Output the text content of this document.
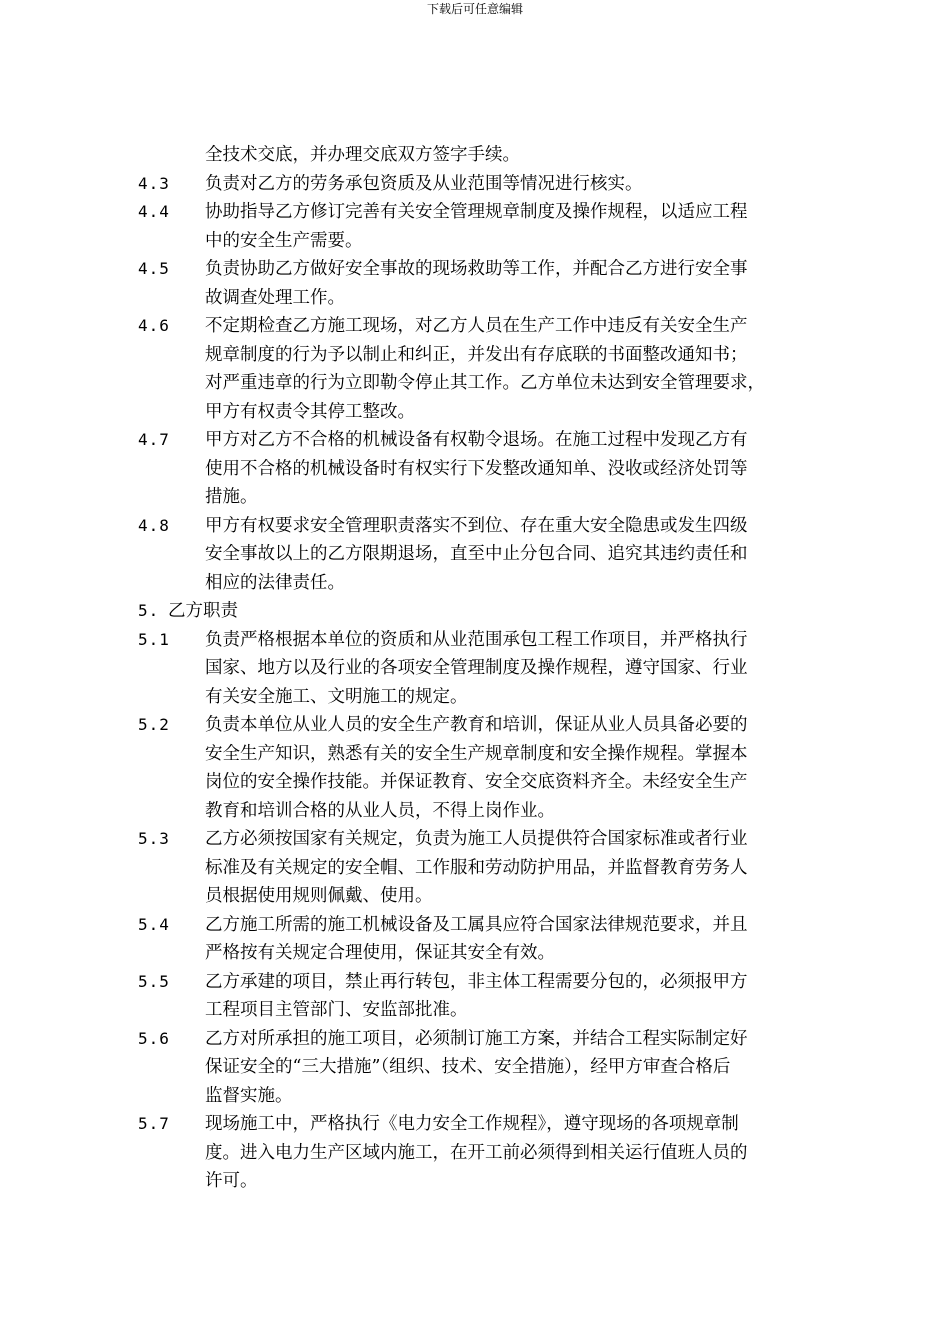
下载后可任意编辑
全技术交底，并办理交底双方签字手续。
4.3 负责对乙方的劳务承包资质及从业范围等情况进行核实。
4.4 协助指导乙方修订完善有关安全管理规章制度及操作规程，以适应工程
中的安全生产需要。
4.5 负责协助乙方做好安全事故的现场救助等工作，并配合乙方进行安全事
故调查处理工作。
4.6 不定期检查乙方施工现场，对乙方人员在生产工作中违反有关安全生产
规章制度的行为予以制止和纠正，并发出有存底联的书面整改通知书；
对严重违章的行为立即勒令停止其工作。乙方单位未达到安全管理要求，
甲方有权责令其停工整改。
4.7 甲方对乙方不合格的机械设备有权勒令退场。在施工过程中发现乙方有
使用不合格的机械设备时有权实行下发整改通知单、没收或经济处罚等
措施。
4.8 甲方有权要求安全管理职责落实不到位、存在重大安全隐患或发生四级
安全事故以上的乙方限期退场，直至中止分包合同、追究其违约责任和
相应的法律责任。
5. 乙方职责
5.1 负责严格根据本单位的资质和从业范围承包工程工作项目，并严格执行
国家、地方以及行业的各项安全管理制度及操作规程，遵守国家、行业
有关安全施工、文明施工的规定。
5.2 负责本单位从业人员的安全生产教育和培训，保证从业人员具备必要的
安全生产知识，熟悉有关的安全生产规章制度和安全操作规程。掌握本
岗位的安全操作技能。并保证教育、安全交底资料齐全。未经安全生产
教育和培训合格的从业人员，不得上岗作业。
5.3 乙方必须按国家有关规定，负责为施工人员提供符合国家标准或者行业
标准及有关规定的安全帽、工作服和劳动防护用品，并监督教育劳务人
员根据使用规则佩戴、使用。
5.4 乙方施工所需的施工机械设备及工属具应符合国家法律规范要求，并且
严格按有关规定合理使用，保证其安全有效。
5.5 乙方承建的项目，禁止再行转包，非主体工程需要分包的，必须报甲方
工程项目主管部门、安监部批准。
5.6 乙方对所承担的施工项目，必须制订施工方案，并结合工程实际制定好
保证安全的“三大措施”（组织、技术、安全措施），经甲方审查合格后
监督实施。
5.7 现场施工中，严格执行《电力安全工作规程》，遵守现场的各项规章制
度。进入电力生产区域内施工，在开工前必须得到相关运行值班人员的
许可。
